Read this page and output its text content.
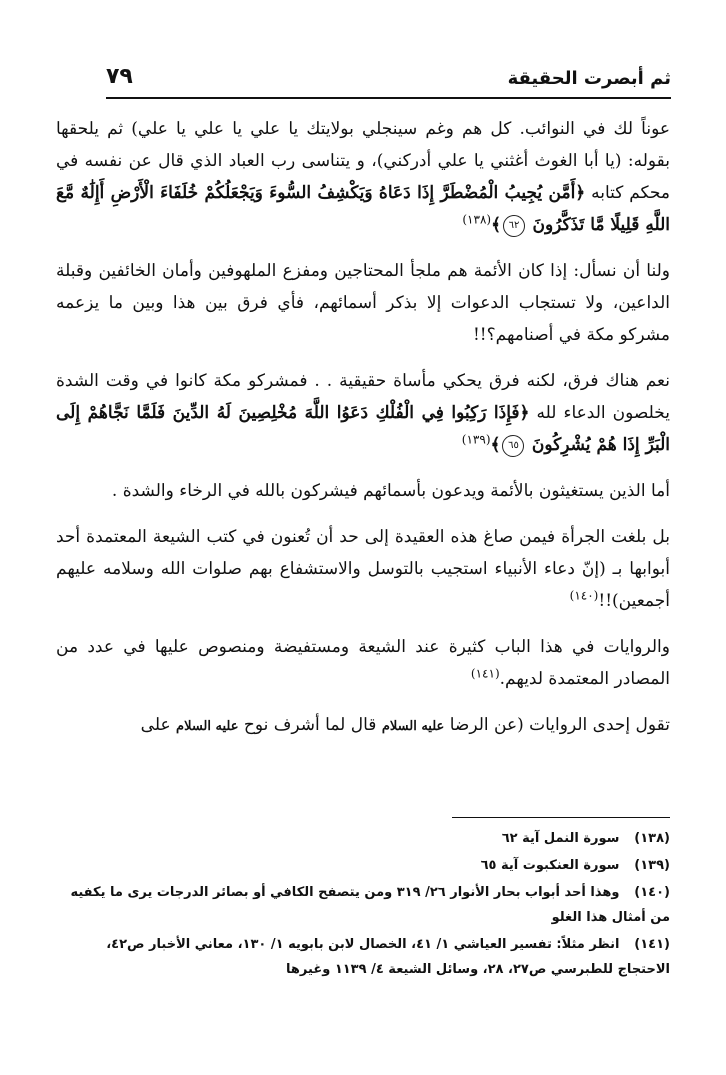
ثم أبصرت الحقيقة
٧٩

عوناً لك في النوائب. كل هم وغم سينجلي بولايتك يا علي يا علي يا علي) ثم يلحقها بقوله: (يا أبا الغوث أغثني يا علي أدركني)، و يتناسى رب العباد الذي قال عن نفسه في محكم كتابه ﴿أَمَّن يُجِيبُ الْمُضْطَرَّ إِذَا دَعَاهُ وَيَكْشِفُ السُّوءَ وَيَجْعَلُكُمْ خُلَفَاءَ الْأَرْضِ أَإِلَٰهٌ مَّعَ اللَّهِ قَلِيلًا مَّا تَذَكَّرُونَ ٦٢﴾$^{(١٣٨)}$

ولنا أن نسأل: إذا كان الأئمة هم ملجأ المحتاجين ومفزع الملهوفين وأمان الخائفين وقبلة الداعين، ولا تستجاب الدعوات إلا بذكر أسمائهم، فأي فرق بين هذا وبين ما يزعمه مشركو مكة في أصنامهم؟!!

نعم هناك فرق، لكنه فرق يحكي مأساة حقيقية . . فمشركو مكة كانوا في وقت الشدة يخلصون الدعاء لله ﴿فَإِذَا رَكِبُوا فِي الْفُلْكِ دَعَوُا اللَّهَ مُخْلِصِينَ لَهُ الدِّينَ فَلَمَّا نَجَّاهُمْ إِلَى الْبَرِّ إِذَا هُمْ يُشْرِكُونَ ٦٥﴾$^{(١٣٩)}$

أما الذين يستغيثون بالأئمة ويدعون بأسمائهم فيشركون بالله في الرخاء والشدة .

بل بلغت الجرأة فيمن صاغ هذه العقيدة إلى حد أن تُعنون في كتب الشيعة المعتمدة أحد أبوابها بـ (إنّ دعاء الأنبياء استجيب بالتوسل والاستشفاع بهم صلوات الله وسلامه عليهم أجمعين)!!$^{(١٤٠)}$

والروايات في هذا الباب كثيرة عند الشيعة ومستفيضة ومنصوص عليها في عدد من المصادر المعتمدة لديهم.$^{(١٤١)}$

تقول إحدى الروايات (عن الرضا عليه السلام قال لما أشرف نوح عليه السلام على

(١٣٨) سورة النمل آية ٦٢
(١٣٩) سورة العنكبوت آية ٦٥
(١٤٠) وهذا أحد أبواب بحار الأنوار ٢٦/ ٣١٩ ومن يتصفح الكافي أو بصائر الدرجات يرى ما يكفيه من أمثال هذا الغلو
(١٤١) انظر مثلاً: تفسير العياشي ١/ ٤١، الخصال لابن بابويه ١/ ١٣٠، معاني الأخبار ص٤٢، الاحتجاج للطبرسي ص٢٧، ٢٨، وسائل الشيعة ٤/ ١١٣٩ وغيرها
